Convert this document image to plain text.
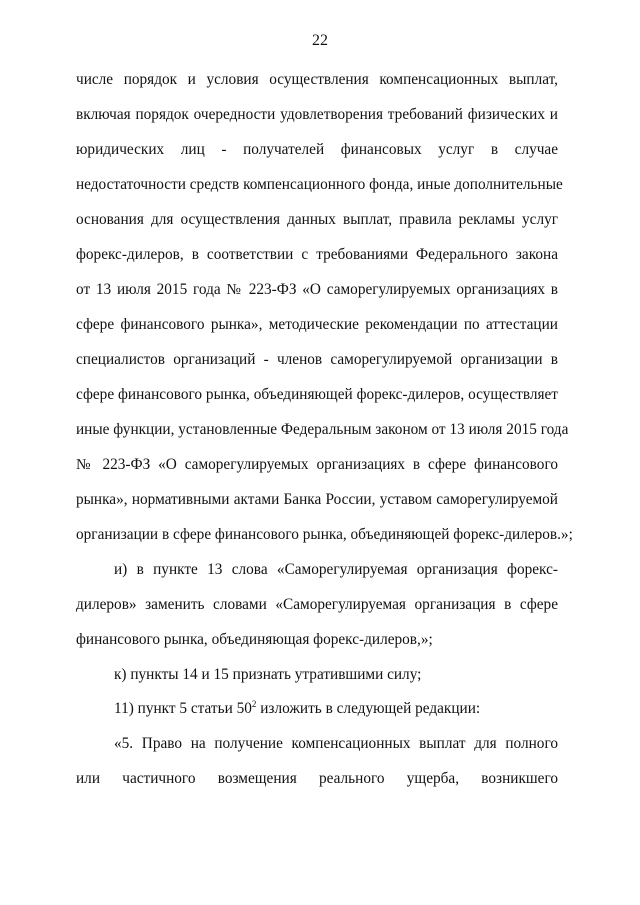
22
числе порядок и условия осуществления компенсационных выплат,
включая порядок очередности удовлетворения требований физических и
юридических лиц - получателей финансовых услуг в случае
недостаточности средств компенсационного фонда, иные дополнительные
основания для осуществления данных выплат, правила рекламы услуг
форекс-дилеров, в соответствии с требованиями Федерального закона
от 13 июля 2015 года № 223-ФЗ «О саморегулируемых организациях в
сфере финансового рынка», методические рекомендации по аттестации
специалистов организаций - членов саморегулируемой организации в
сфере финансового рынка, объединяющей форекс-дилеров, осуществляет
иные функции, установленные Федеральным законом от 13 июля 2015 года
№ 223-ФЗ «О саморегулируемых организациях в сфере финансового
рынка», нормативными актами Банка России, уставом саморегулируемой
организации в сфере финансового рынка, объединяющей форекс-дилеров.»;
и) в пункте 13 слова «Саморегулируемая организация форекс-
дилеров» заменить словами «Саморегулируемая организация в сфере
финансового рынка, объединяющая форекс-дилеров,»;
к) пункты 14 и 15 признать утратившими силу;
11) пункт 5 статьи $50^2$ изложить в следующей редакции:
«5. Право на получение компенсационных выплат для полного
или частичного возмещения реального ущерба, возникшего
